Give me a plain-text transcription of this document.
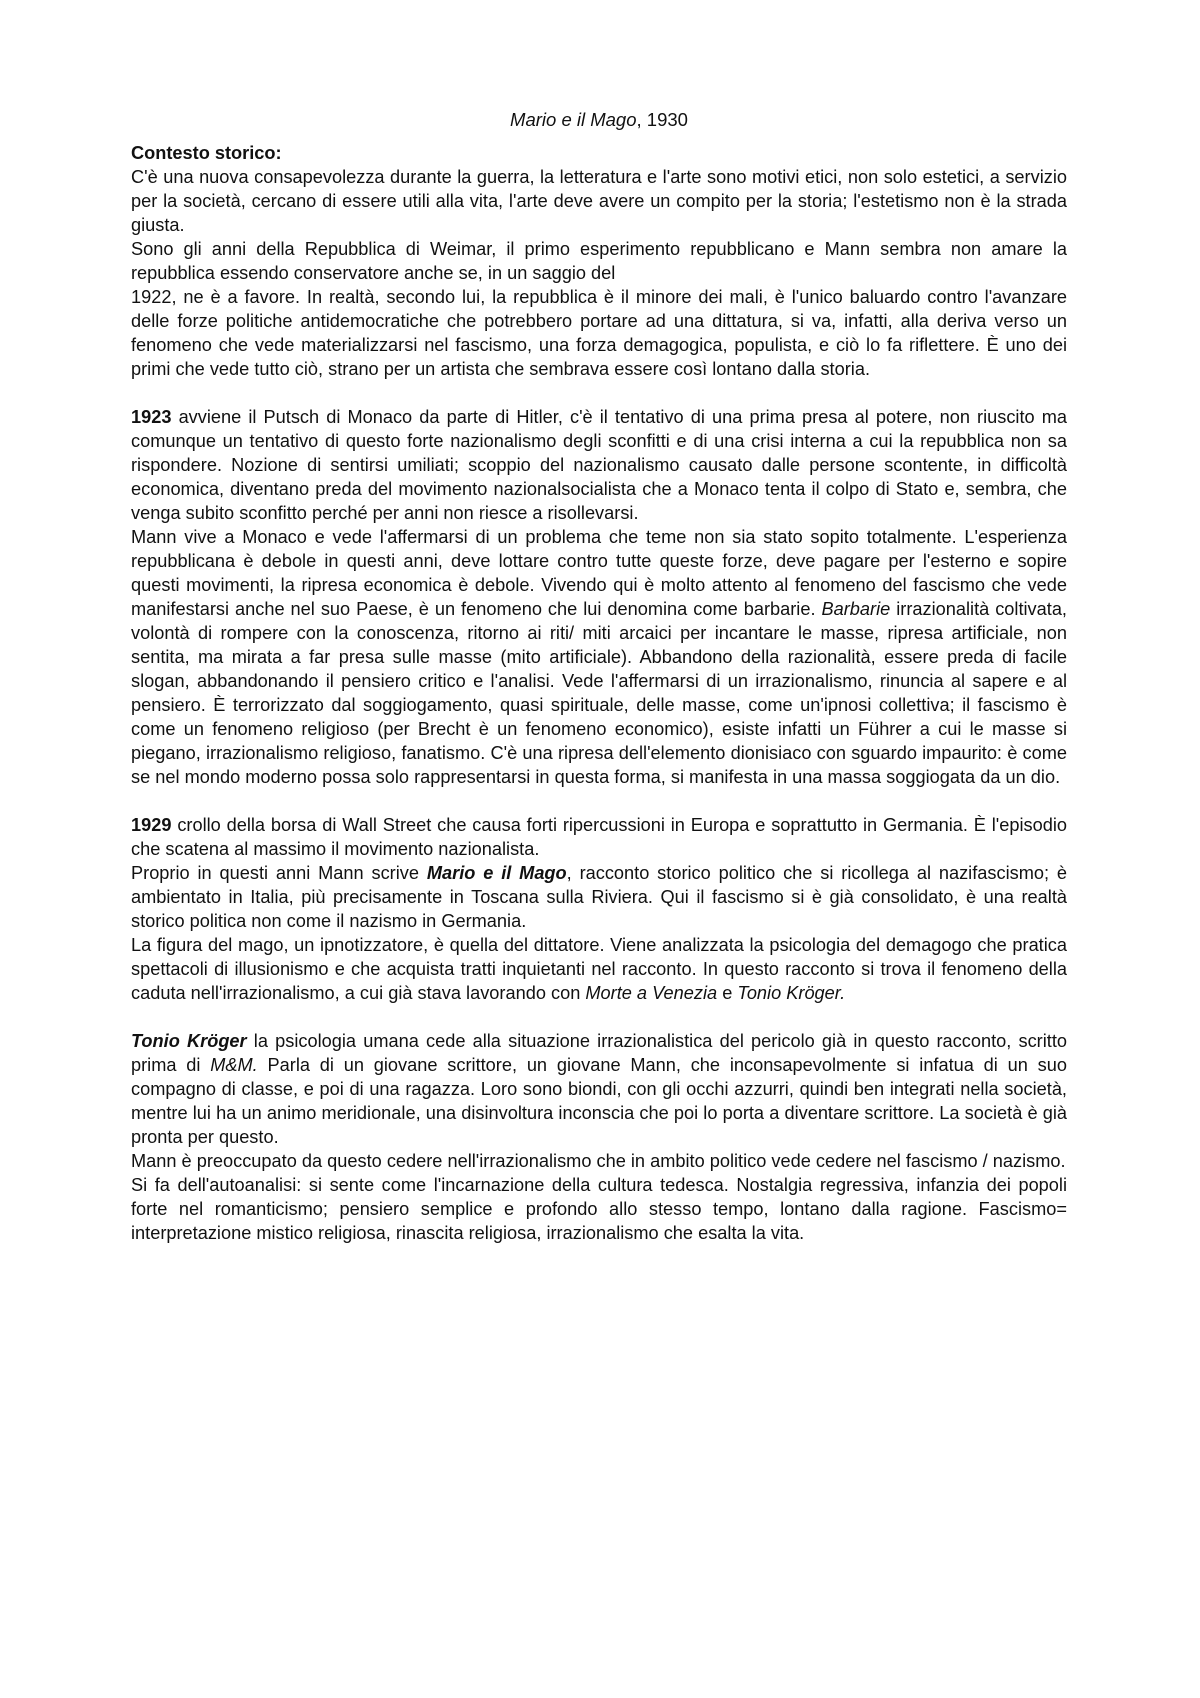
Mario e il Mago, 1930
Contesto storico:

C'è una nuova consapevolezza durante la guerra, la letteratura e l'arte sono motivi etici, non solo estetici, a servizio per la società, cercano di essere utili alla vita, l'arte deve avere un compito per la storia; l'estetismo non è la strada giusta.

Sono gli anni della Repubblica di Weimar, il primo esperimento repubblicano e Mann sembra non amare la repubblica essendo conservatore anche se, in un saggio del

1922, ne è a favore. In realtà, secondo lui, la repubblica è il minore dei mali, è l'unico baluardo contro l'avanzare delle forze politiche antidemocratiche che potrebbero portare ad una dittatura, si va, infatti, alla deriva verso un fenomeno che vede materializzarsi nel fascismo, una forza demagogica, populista, e ciò lo fa riflettere. È uno dei primi che vede tutto ciò, strano per un artista che sembrava essere così lontano dalla storia.

1923 avviene il Putsch di Monaco da parte di Hitler, c'è il tentativo di una prima presa al potere, non riuscito ma comunque un tentativo di questo forte nazionalismo degli sconfitti e di una crisi interna a cui la repubblica non sa rispondere. Nozione di sentirsi umiliati; scoppio del nazionalismo causato dalle persone scontente, in difficoltà economica, diventano preda del movimento nazionalsocialista che a Monaco tenta il colpo di Stato e, sembra, che venga subito sconfitto perché per anni non riesce a risollevarsi.

Mann vive a Monaco e vede l'affermarsi di un problema che teme non sia stato sopito totalmente. L'esperienza repubblicana è debole in questi anni, deve lottare contro tutte queste forze, deve pagare per l'esterno e sopire questi movimenti, la ripresa economica è debole. Vivendo qui è molto attento al fenomeno del fascismo che vede manifestarsi anche nel suo Paese, è un fenomeno che lui denomina come barbarie. Barbarie irrazionalità coltivata, volontà di rompere con la conoscenza, ritorno ai riti/ miti arcaici per incantare le masse, ripresa artificiale, non sentita, ma mirata a far presa sulle masse (mito artificiale). Abbandono della razionalità, essere preda di facile slogan, abbandonando il pensiero critico e l'analisi. Vede l'affermarsi di un irrazionalismo, rinuncia al sapere e al pensiero. È terrorizzato dal soggiogamento, quasi spirituale, delle masse, come un'ipnosi collettiva; il fascismo è come un fenomeno religioso (per Brecht è un fenomeno economico), esiste infatti un Führer a cui le masse si piegano, irrazionalismo religioso, fanatismo. C'è una ripresa dell'elemento dionisiaco con sguardo impaurito: è come se nel mondo moderno possa solo rappresentarsi in questa forma, si manifesta in una massa soggiogata da un dio.

1929 crollo della borsa di Wall Street che causa forti ripercussioni in Europa e soprattutto in Germania. È l'episodio che scatena al massimo il movimento nazionalista.

Proprio in questi anni Mann scrive Mario e il Mago, racconto storico politico che si ricollega al nazifascismo; è ambientato in Italia, più precisamente in Toscana sulla Riviera. Qui il fascismo si è già consolidato, è una realtà storico politica non come il nazismo in Germania.

La figura del mago, un ipnotizzatore, è quella del dittatore. Viene analizzata la psicologia del demagogo che pratica spettacoli di illusionismo e che acquista tratti inquietanti nel racconto. In questo racconto si trova il fenomeno della caduta nell'irrazionalismo, a cui già stava lavorando con Morte a Venezia e Tonio Kröger.

Tonio Kröger la psicologia umana cede alla situazione irrazionalistica del pericolo già in questo racconto, scritto prima di M&M. Parla di un giovane scrittore, un giovane Mann, che inconsapevolmente si infatua di un suo compagno di classe, e poi di una ragazza. Loro sono biondi, con gli occhi azzurri, quindi ben integrati nella società, mentre lui ha un animo meridionale, una disinvoltura inconscia che poi lo porta a diventare scrittore. La società è già pronta per questo.

Mann è preoccupato da questo cedere nell'irrazionalismo che in ambito politico vede cedere nel fascismo / nazismo.

Si fa dell'autoanalisi: si sente come l'incarnazione della cultura tedesca. Nostalgia regressiva, infanzia dei popoli forte nel romanticismo; pensiero semplice e profondo allo stesso tempo, lontano dalla ragione. Fascismo= interpretazione mistico religiosa, rinascita religiosa, irrazionalismo che esalta la vita.
